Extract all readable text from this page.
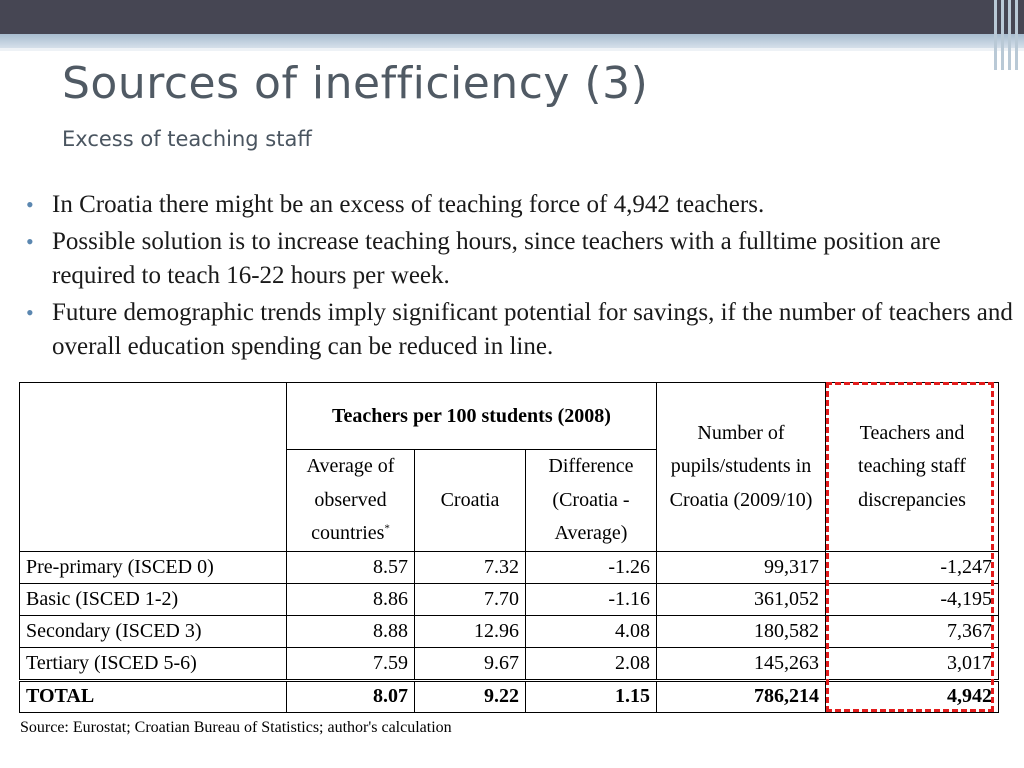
Sources of inefficiency (3)
Excess of teaching staff
• In Croatia there might be an excess of teaching force of 4,942 teachers.
• Possible solution is to increase teaching hours, since teachers with a fulltime position are required to teach 16-22 hours per week.
• Future demographic trends imply significant potential for savings, if the number of teachers and overall education spending can be reduced in line.
	Teachers per 100 students (2008)			Number of pupils/students in Croatia (2009/10)	Teachers and teaching staff discrepancies
	Average of observed countries*	Croatia	Difference (Croatia - Average)		
Pre-primary (ISCED 0)	8.57	7.32	-1.26	99,317	-1,247
Basic (ISCED 1-2)	8.86	7.70	-1.16	361,052	-4,195
Secondary (ISCED 3)	8.88	12.96	4.08	180,582	7,367
Tertiary (ISCED 5-6)	7.59	9.67	2.08	145,263	3,017
TOTAL	8.07	9.22	1.15	786,214	4,942
Source: Eurostat; Croatian Bureau of Statistics; author's calculation
